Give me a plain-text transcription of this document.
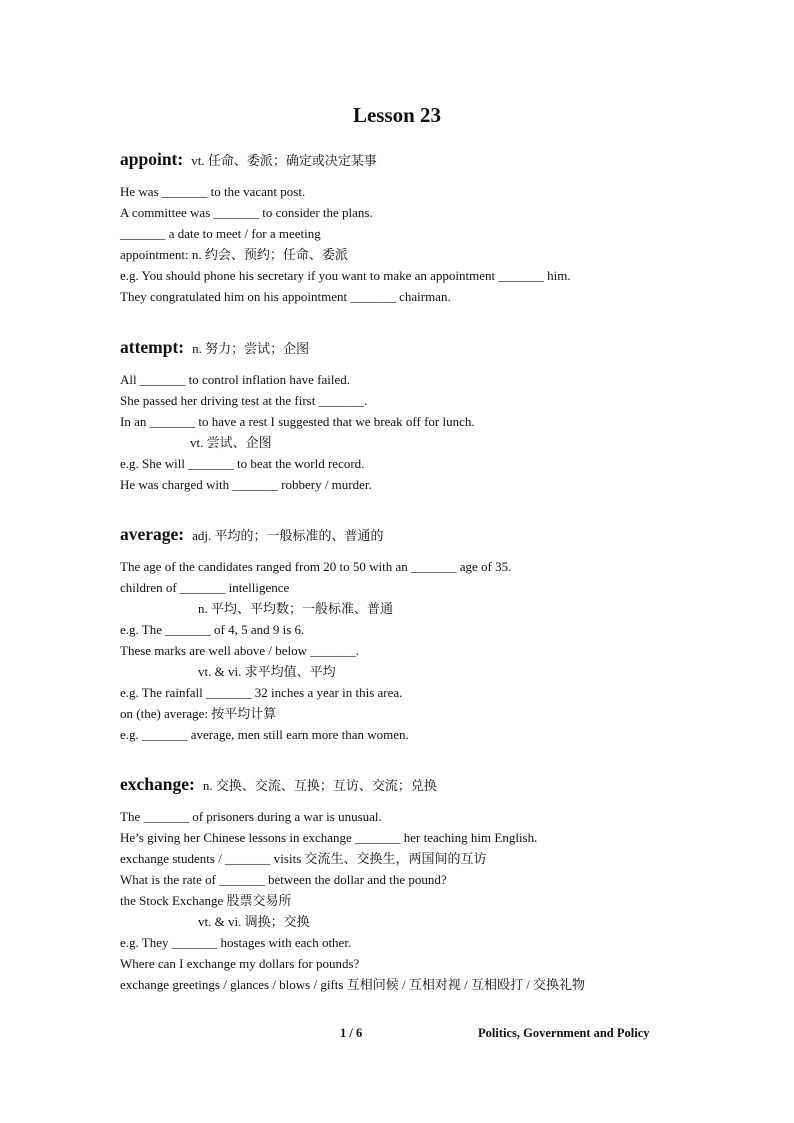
Lesson 23
appoint: vt. 任命、委派；确定或决定某事
He was _______ to the vacant post.
A committee was _______ to consider the plans.
_______ a date to meet / for a meeting
appointment: n. 约会、预约；任命、委派
e.g. You should phone his secretary if you want to make an appointment _______ him.
They congratulated him on his appointment _______ chairman.
attempt: n. 努力；尝试；企图
All _______ to control inflation have failed.
She passed her driving test at the first _______.
In an _______ to have a rest I suggested that we break off for lunch.
vt. 尝试、企图
e.g. She will _______ to beat the world record.
He was charged with _______ robbery / murder.
average: adj. 平均的；一般标准的、普通的
The age of the candidates ranged from 20 to 50 with an _______ age of 35.
children of _______ intelligence
n. 平均、平均数；一般标准、普通
e.g. The _______ of 4, 5 and 9 is 6.
These marks are well above / below _______.
vt. & vi. 求平均值、平均
e.g. The rainfall _______ 32 inches a year in this area.
on (the) average: 按平均计算
e.g. _______ average, men still earn more than women.
exchange: n. 交换、交流、互换；互访、交流；兑换
The _______ of prisoners during a war is unusual.
He’s giving her Chinese lessons in exchange _______ her teaching him English.
exchange students / _______ visits 交流生、交换生，两国间的互访
What is the rate of _______ between the dollar and the pound?
the Stock Exchange 股票交易所
vt. & vi. 调换；交换
e.g. They _______ hostages with each other.
Where can I exchange my dollars for pounds?
exchange greetings / glances / blows / gifts 互相问候 / 互相对视 / 互相殴打 / 交换礼物
1 / 6	Politics, Government and Policy
